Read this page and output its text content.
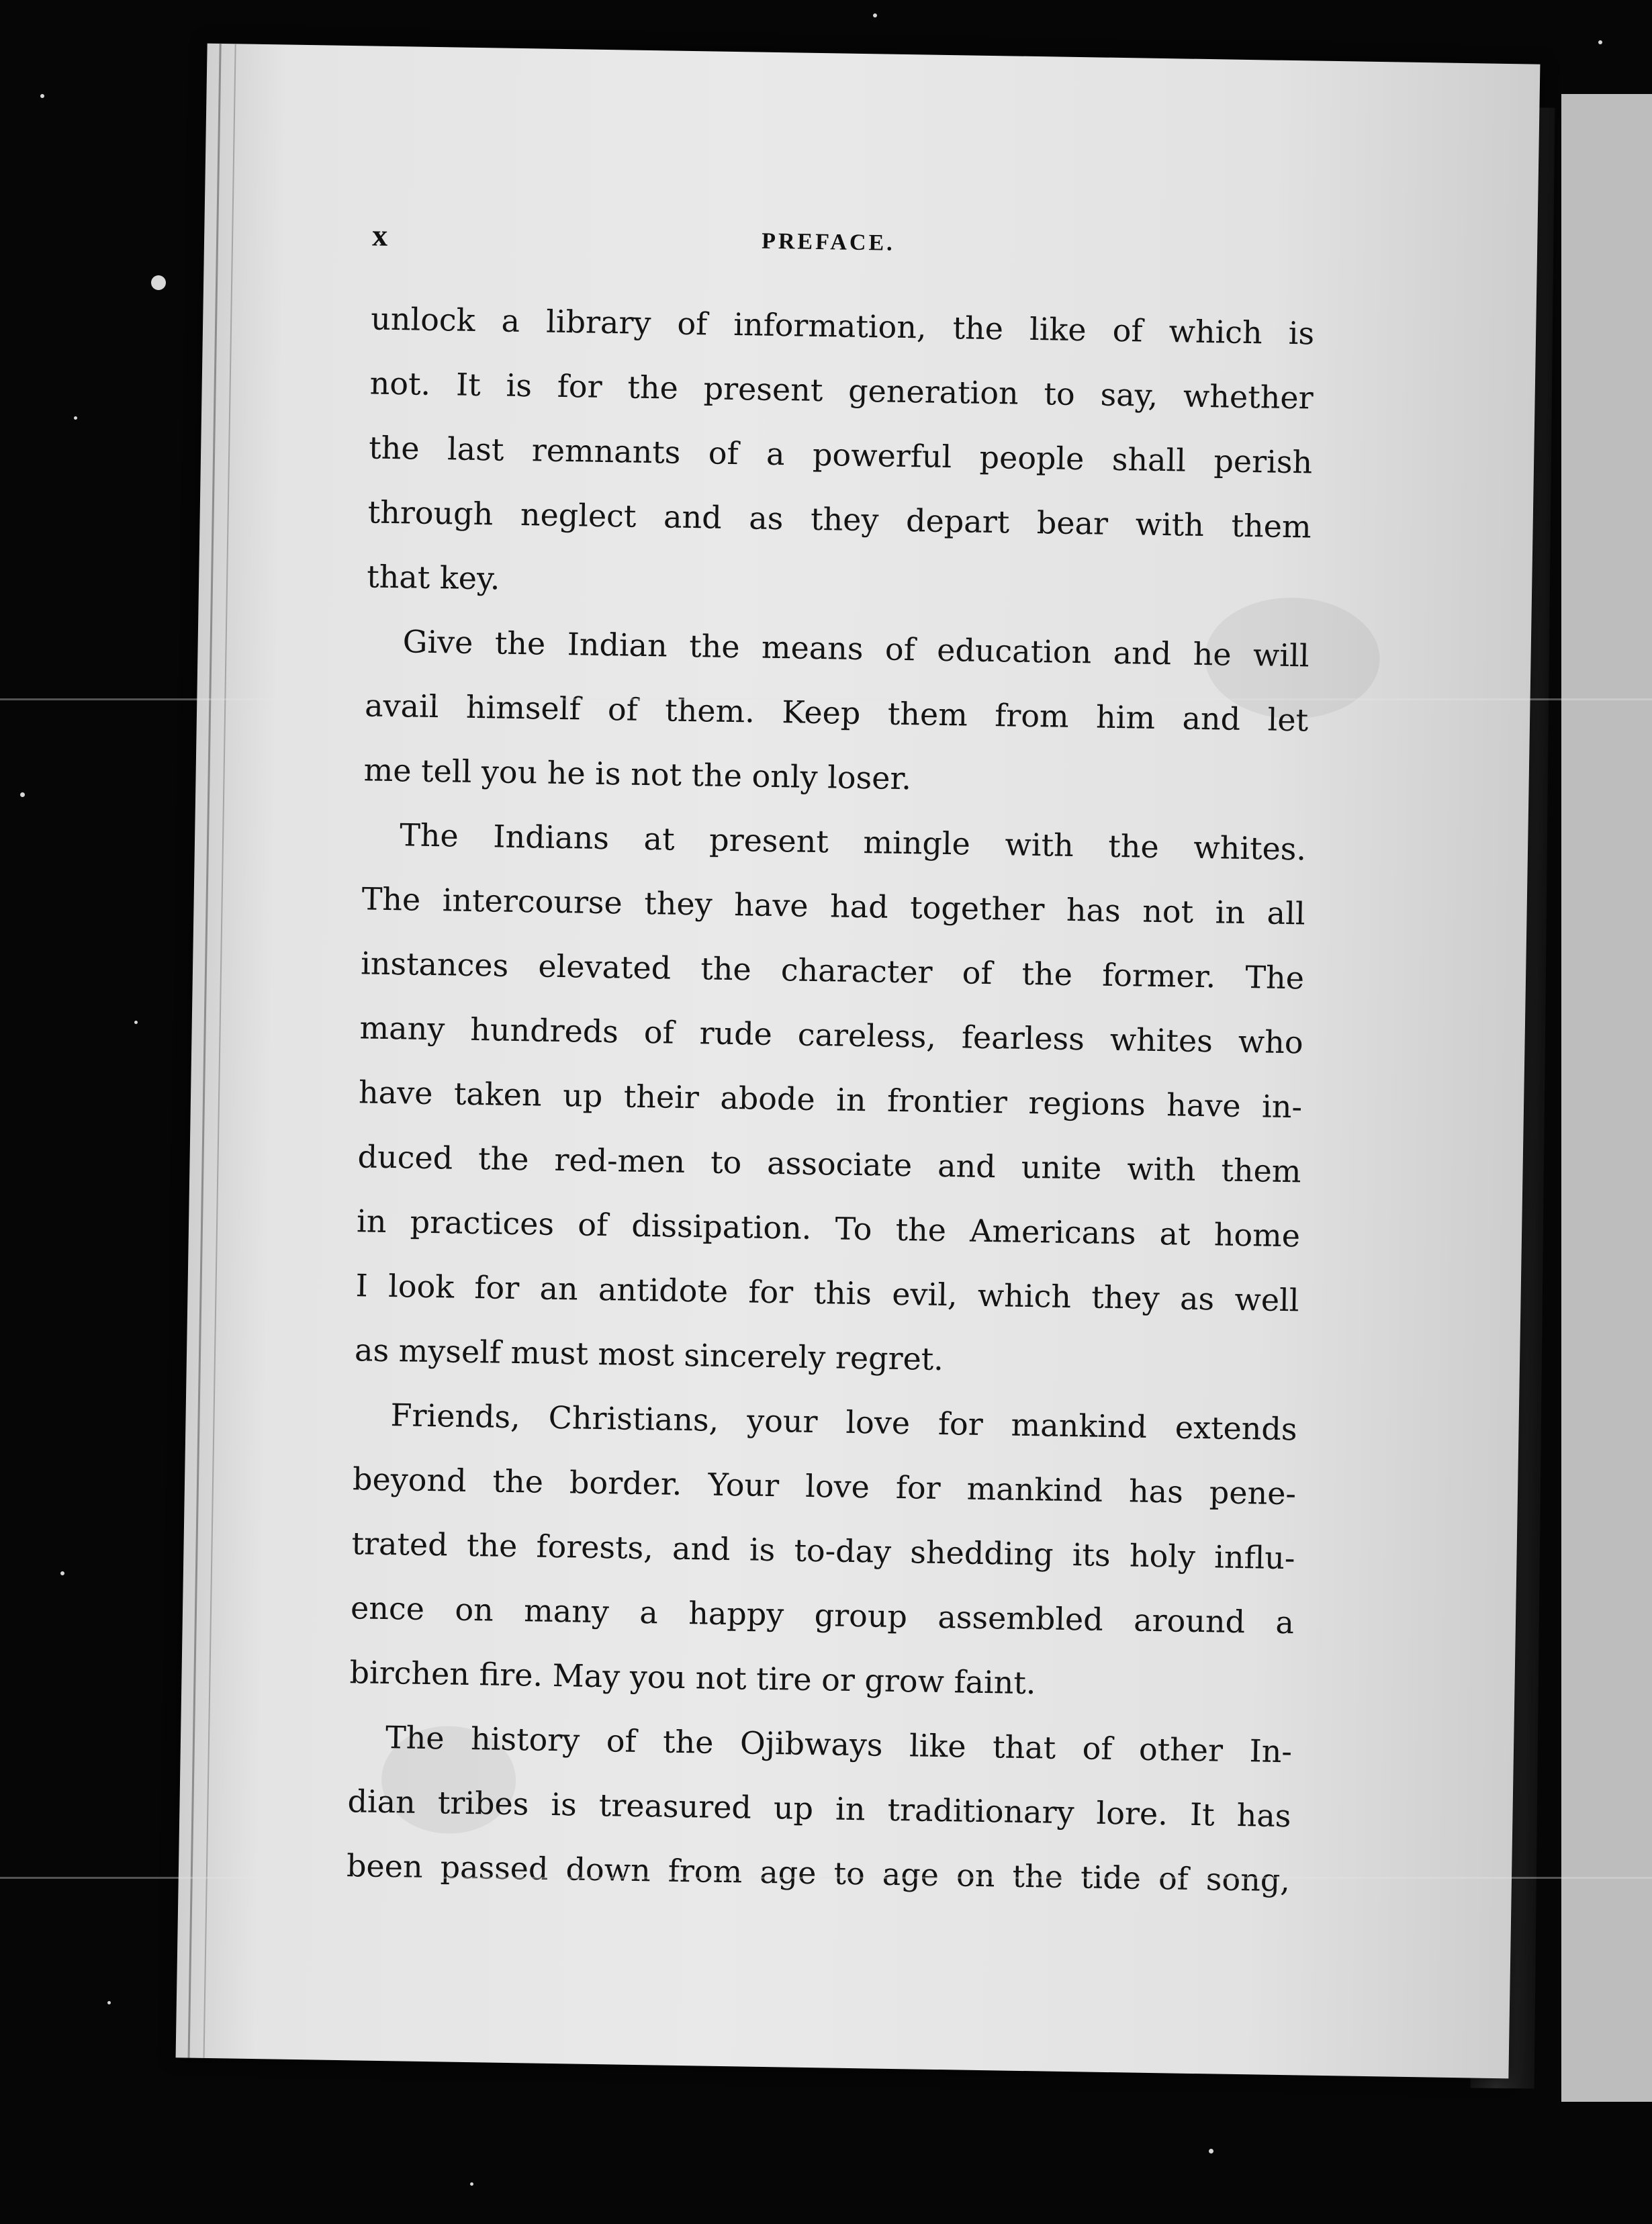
x	PREFACE.
unlock a library of information, the like of which is
not. It is for the present generation to say, whether
the last remnants of a powerful people shall perish
through neglect and as they depart bear with them
that key.
Give the Indian the means of education and he will
avail himself of them. Keep them from him and let
me tell you he is not the only loser.
The Indians at present mingle with the whites.
The intercourse they have had together has not in all
instances elevated the character of the former. The
many hundreds of rude careless, fearless whites who
have taken up their abode in frontier regions have in-
duced the red-men to associate and unite with them
in practices of dissipation. To the Americans at home
I look for an antidote for this evil, which they as well
as myself must most sincerely regret.
Friends, Christians, your love for mankind extends
beyond the border. Your love for mankind has pene-
trated the forests, and is to-day shedding its holy influ-
ence on many a happy group assembled around a
birchen fire. May you not tire or grow faint.
The history of the Ojibways like that of other In-
dian tribes is treasured up in traditionary lore. It has
been passed down from age to age on the tide of song,
